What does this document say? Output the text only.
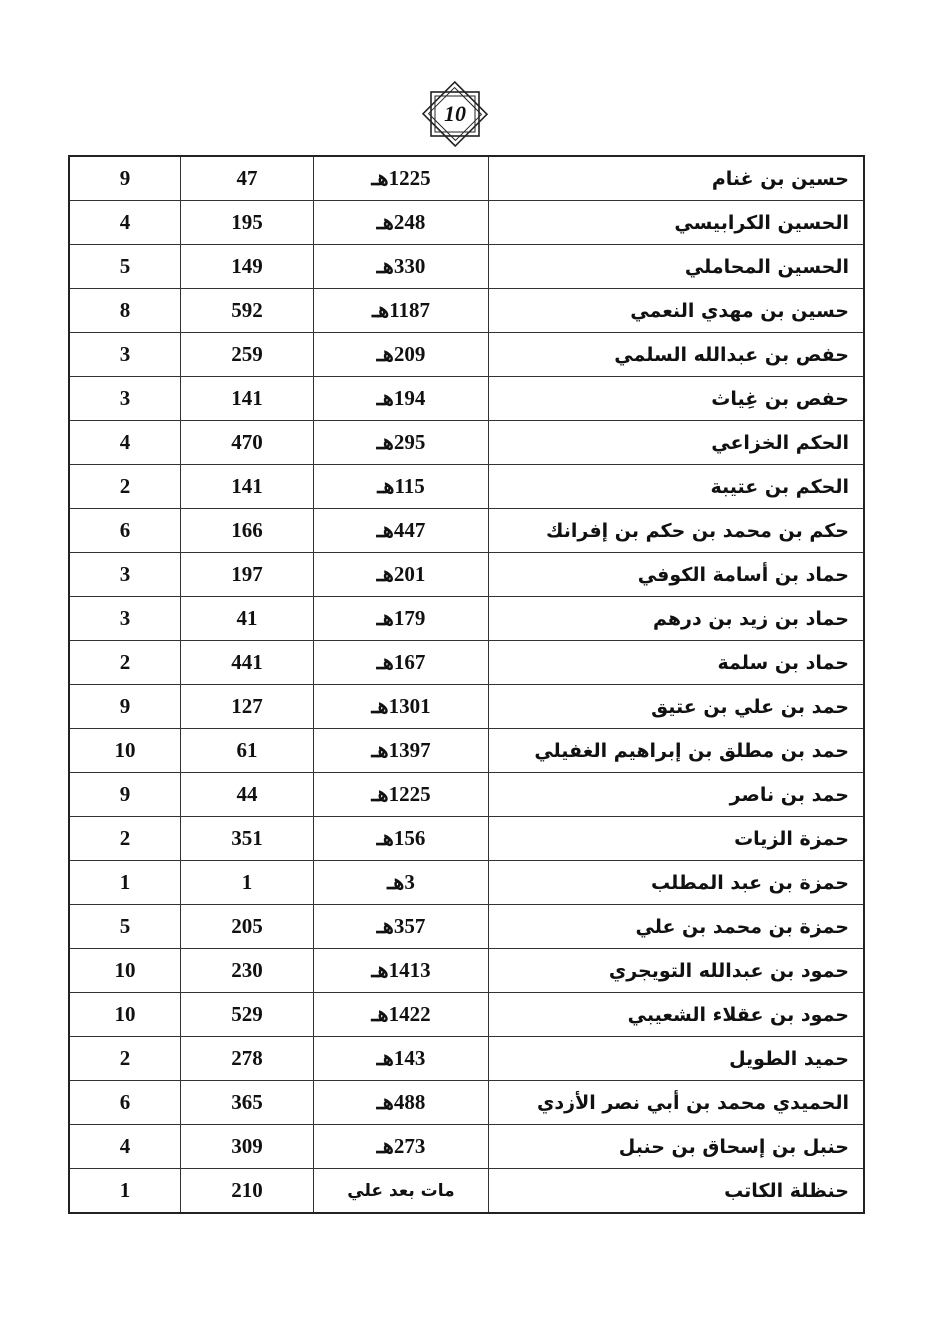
10
حسين بن غنام	1225هـ	47	9
الحسين الكرابيسي	248هـ	195	4
الحسين المحاملي	330هـ	149	5
حسين بن مهدي النعمي	1187هـ	592	8
حفص بن عبدالله السلمي	209هـ	259	3
حفص بن غِياث	194هـ	141	3
الحكم الخزاعي	295هـ	470	4
الحكم بن عتيبة	115هـ	141	2
حكم بن محمد بن حكم بن إفرانك	447هـ	166	6
حماد بن أسامة الكوفي	201هـ	197	3
حماد بن زيد بن درهم	179هـ	41	3
حماد بن سلمة	167هـ	441	2
حمد بن علي بن عتيق	1301هـ	127	9
حمد بن مطلق بن إبراهيم الغفيلي	1397هـ	61	10
حمد بن ناصر	1225هـ	44	9
حمزة الزيات	156هـ	351	2
حمزة بن عبد المطلب	3هـ	1	1
حمزة بن محمد بن علي	357هـ	205	5
حمود بن عبدالله التويجري	1413هـ	230	10
حمود بن عقلاء الشعيبي	1422هـ	529	10
حميد الطويل	143هـ	278	2
الحميدي محمد بن أبي نصر الأزدي	488هـ	365	6
حنبل بن إسحاق بن حنبل	273هـ	309	4
حنظلة الكاتب	مات بعد علي	210	1
